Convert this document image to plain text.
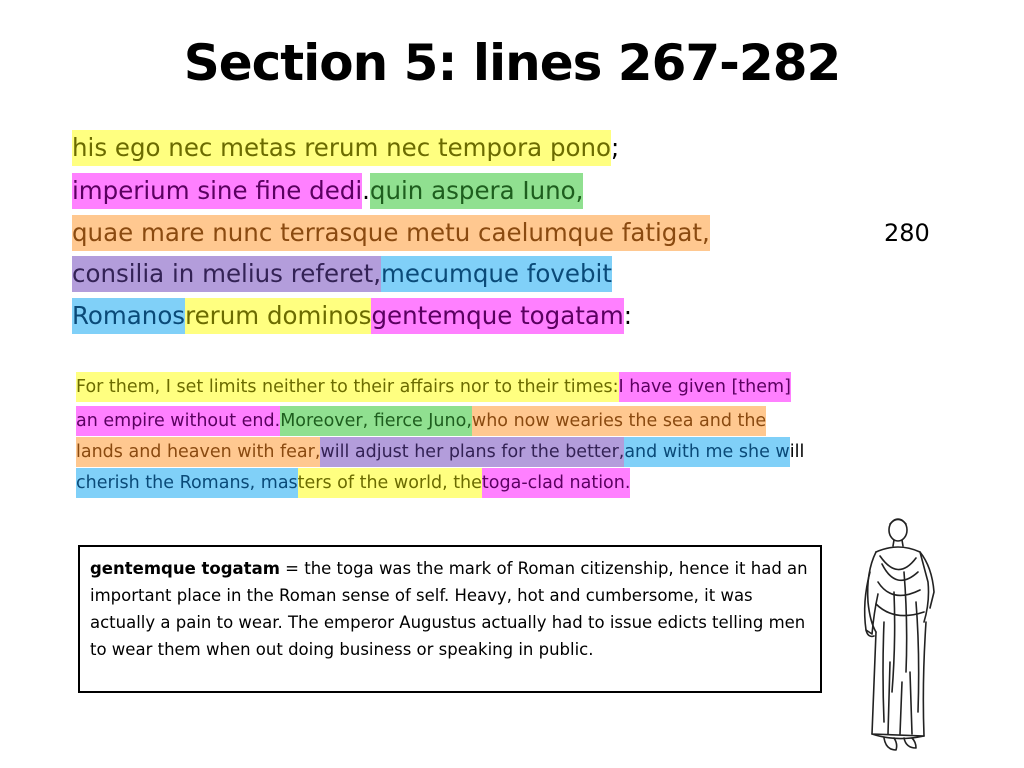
Section 5: lines 267-282
his ego nec metas rerum nec tempora pono;
imperium sine fine dedi.quin aspera Iuno,
quae mare nunc terrasque metu caelumque fatigat,
consilia in melius referet,mecumque fovebit
Romanosrerum dominosgentemque togatam:
280
For them, I set limits neither to their affairs nor to their times:I have given [them]
an empire without end.Moreover, fierce Juno,who now wearies the sea and the
lands and heaven with fear,will adjust her plans for the better,and with me she will
cherish the Romans, masters of the world, thetoga-clad nation.
gentemque togatam = the toga was the mark of Roman citizenship, hence it had an important place in the Roman sense of self. Heavy, hot and cumbersome, it was actually a pain to wear. The emperor Augustus actually had to issue edicts telling men to wear them when out doing business or speaking in public.
